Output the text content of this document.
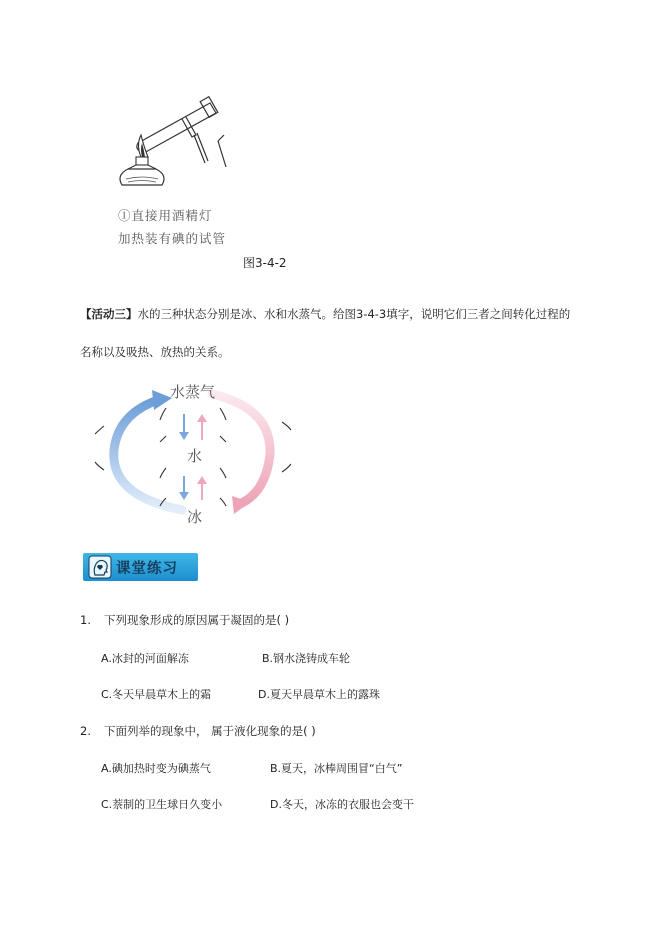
①直接用酒精灯
加热装有碘的试管
图3-4-2
【活动三】水的三种状态分别是冰、水和水蒸气。给图3-4-3填字，说明它们三者之间转化过程的
名称以及吸热、放热的关系。
水蒸气
水
冰
课堂练习
1. 下列现象形成的原因属于凝固的是( )
A.冰封的河面解冻	B.钢水浇铸成车轮
C.冬天早晨草木上的霜	D.夏天早晨草木上的露珠
2. 下面列举的现象中， 属于液化现象的是( )
A.碘加热时变为碘蒸气	B.夏天，冰棒周围冒“白气”
C.萘制的卫生球日久变小	D.冬天，冰冻的衣服也会变干
